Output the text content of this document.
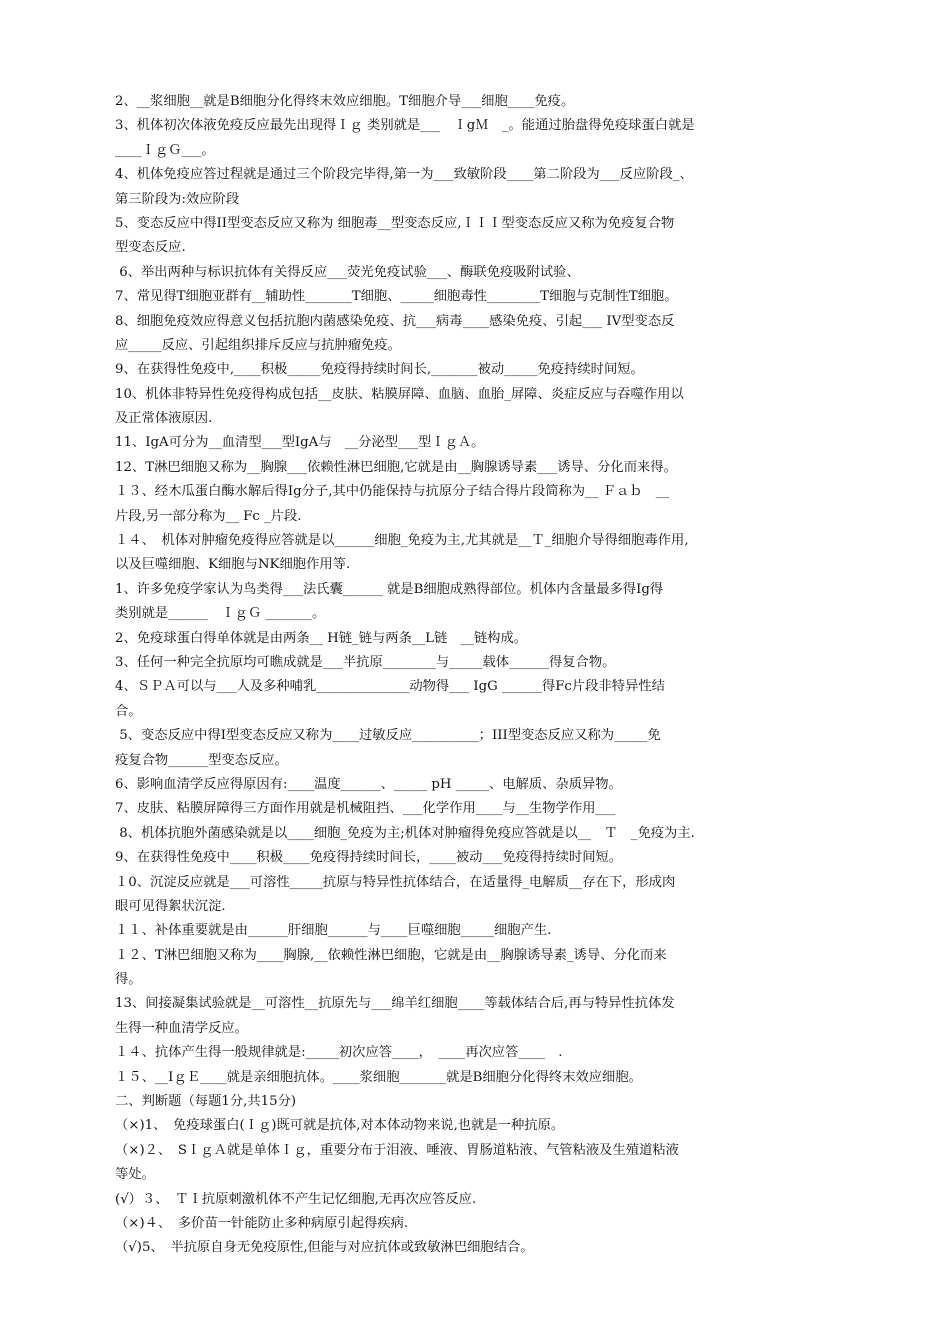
2、__浆细胞__就是B细胞分化得终末效应细胞。T细胞介导___细胞____免疫。
3、机体初次体液免疫反应最先出现得Ｉｇ 类别就是___　ＩgＭ　_。能通过胎盘得免疫球蛋白就是
____ＩｇＧ___。
4、机体免疫应答过程就是通过三个阶段完毕得,第一为___致敏阶段____第二阶段为___反应阶段_、
第三阶段为:效应阶段
5、变态反应中得II型变态反应又称为 细胞毒__型变态反应,ＩＩＩ型变态反应又称为免疫复合物
型变态反应.
6、举出两种与标识抗体有关得反应___荧光免疫试验___、酶联免疫吸附试验、
7、常见得T细胞亚群有__辅助性_______T细胞、_____细胞毒性________T细胞与克制性T细胞。
8、细胞免疫效应得意义包括抗胞内菌感染免疫、抗___病毒____感染免疫、引起___ IV型变态反
应_____反应、引起组织排斥反应与抗肿瘤免疫。
9、在获得性免疫中,____积极_____免疫得持续时间长,_______被动_____免疫持续时间短。
10、机体非特异性免疫得构成包括__皮肤、粘膜屏障、血脑、血胎_屏障、炎症反应与吞噬作用以
及正常体液原因.
11、IgA可分为__血清型___型IgA与　__分泌型___型ＩｇＡ。
12、T淋巴细胞又称为__胸腺___依赖性淋巴细胞,它就是由__胸腺诱导素___诱导、分化而来得。
１３、经木瓜蛋白酶水解后得Ig分子,其中仍能保持与抗原分子结合得片段简称为__ Ｆａｂ　__
片段,另一部分称为__ Fc _片段.
１４、　机体对肿瘤免疫得应答就是以______细胞_免疫为主,尤其就是__Ｔ_细胞介导得细胞毒作用,
以及巨噬细胞、K细胞与NK细胞作用等.
1、许多免疫学家认为鸟类得___法氏囊______ 就是B细胞成熟得部位。机体内含量最多得Ig得
类别就是______　ＩｇＧ _______。
2、免疫球蛋白得单体就是由两条__ H链_链与两条__L链　__链构成。
3、任何一种完全抗原均可瞧成就是___半抗原________与_____载体______得复合物。
4、ＳＰＡ可以与___人及多种哺乳______________动物得___ IgG ______得Fc片段非特异性结
合。
5、变态反应中得I型变态反应又称为____过敏反应__________；III型变态反应又称为_____免
疫复合物______型变态反应。
6、影响血清学反应得原因有:____温度______、_____ pH _____、电解质、杂质异物。
7、皮肤、粘膜屏障得三方面作用就是机械阻挡、___化学作用____与__生物学作用___
8、机体抗胞外菌感染就是以____细胞_免疫为主;机体对肿瘤得免疫应答就是以__　Ｔ　_免疫为主.
9、在获得性免疫中____积极____免疫得持续时间长，____被动___免疫得持续时间短。
１0、沉淀反应就是___可溶性_____抗原与特异性抗体结合，在适量得_电解质__存在下，形成肉
眼可见得絮状沉淀.
１１、补体重要就是由______肝细胞______与____巨噬细胞_____细胞产生.
１２、T淋巴细胞又称为____胸腺,__依赖性淋巴细胞，它就是由__胸腺诱导素_诱导、分化而来
得。
13、间接凝集试验就是__可溶性__抗原先与___绵羊红细胞____等载体结合后,再与特异性抗体发
生得一种血清学反应。
１４、抗体产生得一般规律就是:_____初次应答____，　____再次应答____　.
１５、__IｇＥ____就是亲细胞抗体。____浆细胞_______就是B细胞分化得终末效应细胞。
二、判断题（每题1分,共15分)
（×)1、　免疫球蛋白(Ｉｇ)既可就是抗体,对本体动物来说,也就是一种抗原。
（×)２、　SＩｇＡ就是单体Ｉｇ，重要分布于泪液、唾液、胃肠道粘液、气管粘液及生殖道粘液
等处。
(√）３、　ＴＩ抗原刺激机体不产生记忆细胞,无再次应答反应.
（×)４、　多价苗一针能防止多种病原引起得疾病.
（√)5、　半抗原自身无免疫原性,但能与对应抗体或致敏淋巴细胞结合。
